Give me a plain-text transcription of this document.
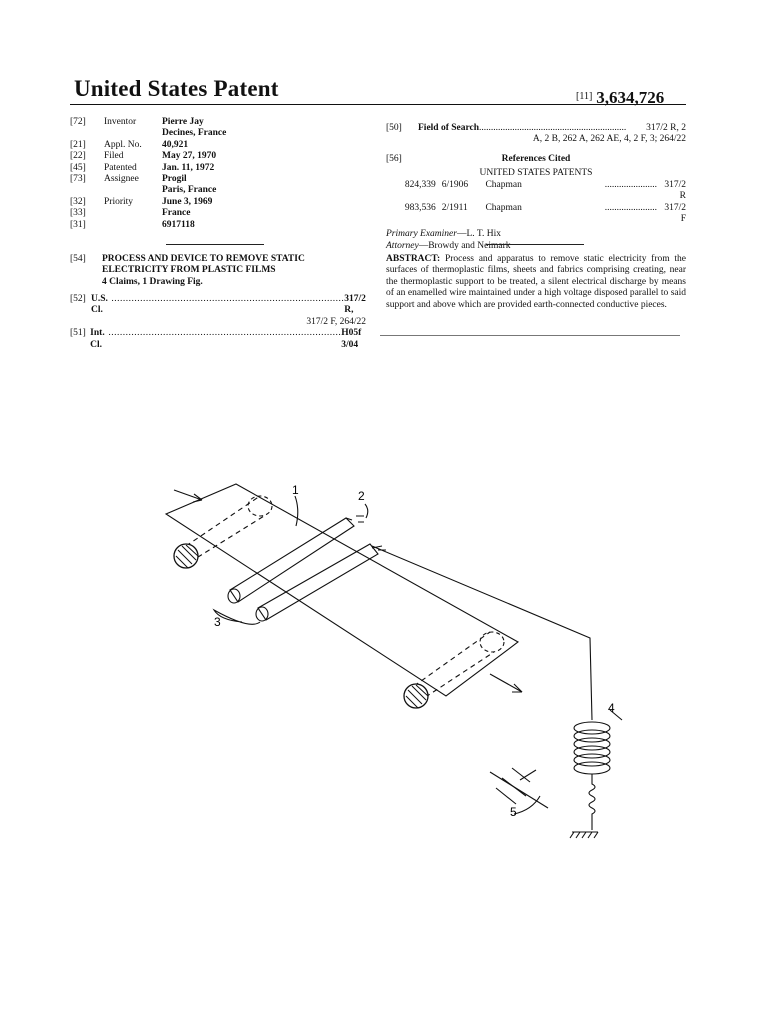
United States Patent	[11] 3,634,726
[72]	Inventor	Pierre Jay
Decines, France
[21]	Appl. No.	40,921
[22]	Filed	May 27, 1970
[45]	Patented	Jan. 11, 1972
[73]	Assignee	Progil
Paris, France
[32]	Priority	June 3, 1969
[33]	France
[31]	6917118
[54] PROCESS AND DEVICE TO REMOVE STATIC ELECTRICITY FROM PLASTIC FILMS
4 Claims, 1 Drawing Fig.
[52] U.S. Cl.
................................................................................. 317/2 R,
317/2 F, 264/22
[51] Int. Cl.
................................................................................. H05f 3/04
[50]	Field of Search ..............................................................	317/2 R, 2
A, 2 B, 262 A, 262 AE, 4, 2 F, 3; 264/22
[56]	References Cited
UNITED STATES PATENTS
824,339 6/1906	Chapman	...................... 317/2 R
983,536 2/1911	Chapman	...................... 317/2 F
Primary Examiner—L. T. Hix
Attorney—Browdy and Neimark
ABSTRACT: Process and apparatus to remove static electricity from the surfaces of thermoplastic films, sheets and fabrics comprising creating, near the thermoplastic support to be treated, a silent electrical discharge by means of an enamelled wire maintained under a high voltage disposed parallel to said support and above which are provided earth-connected conductive pieces.
1	2
3
4
5
